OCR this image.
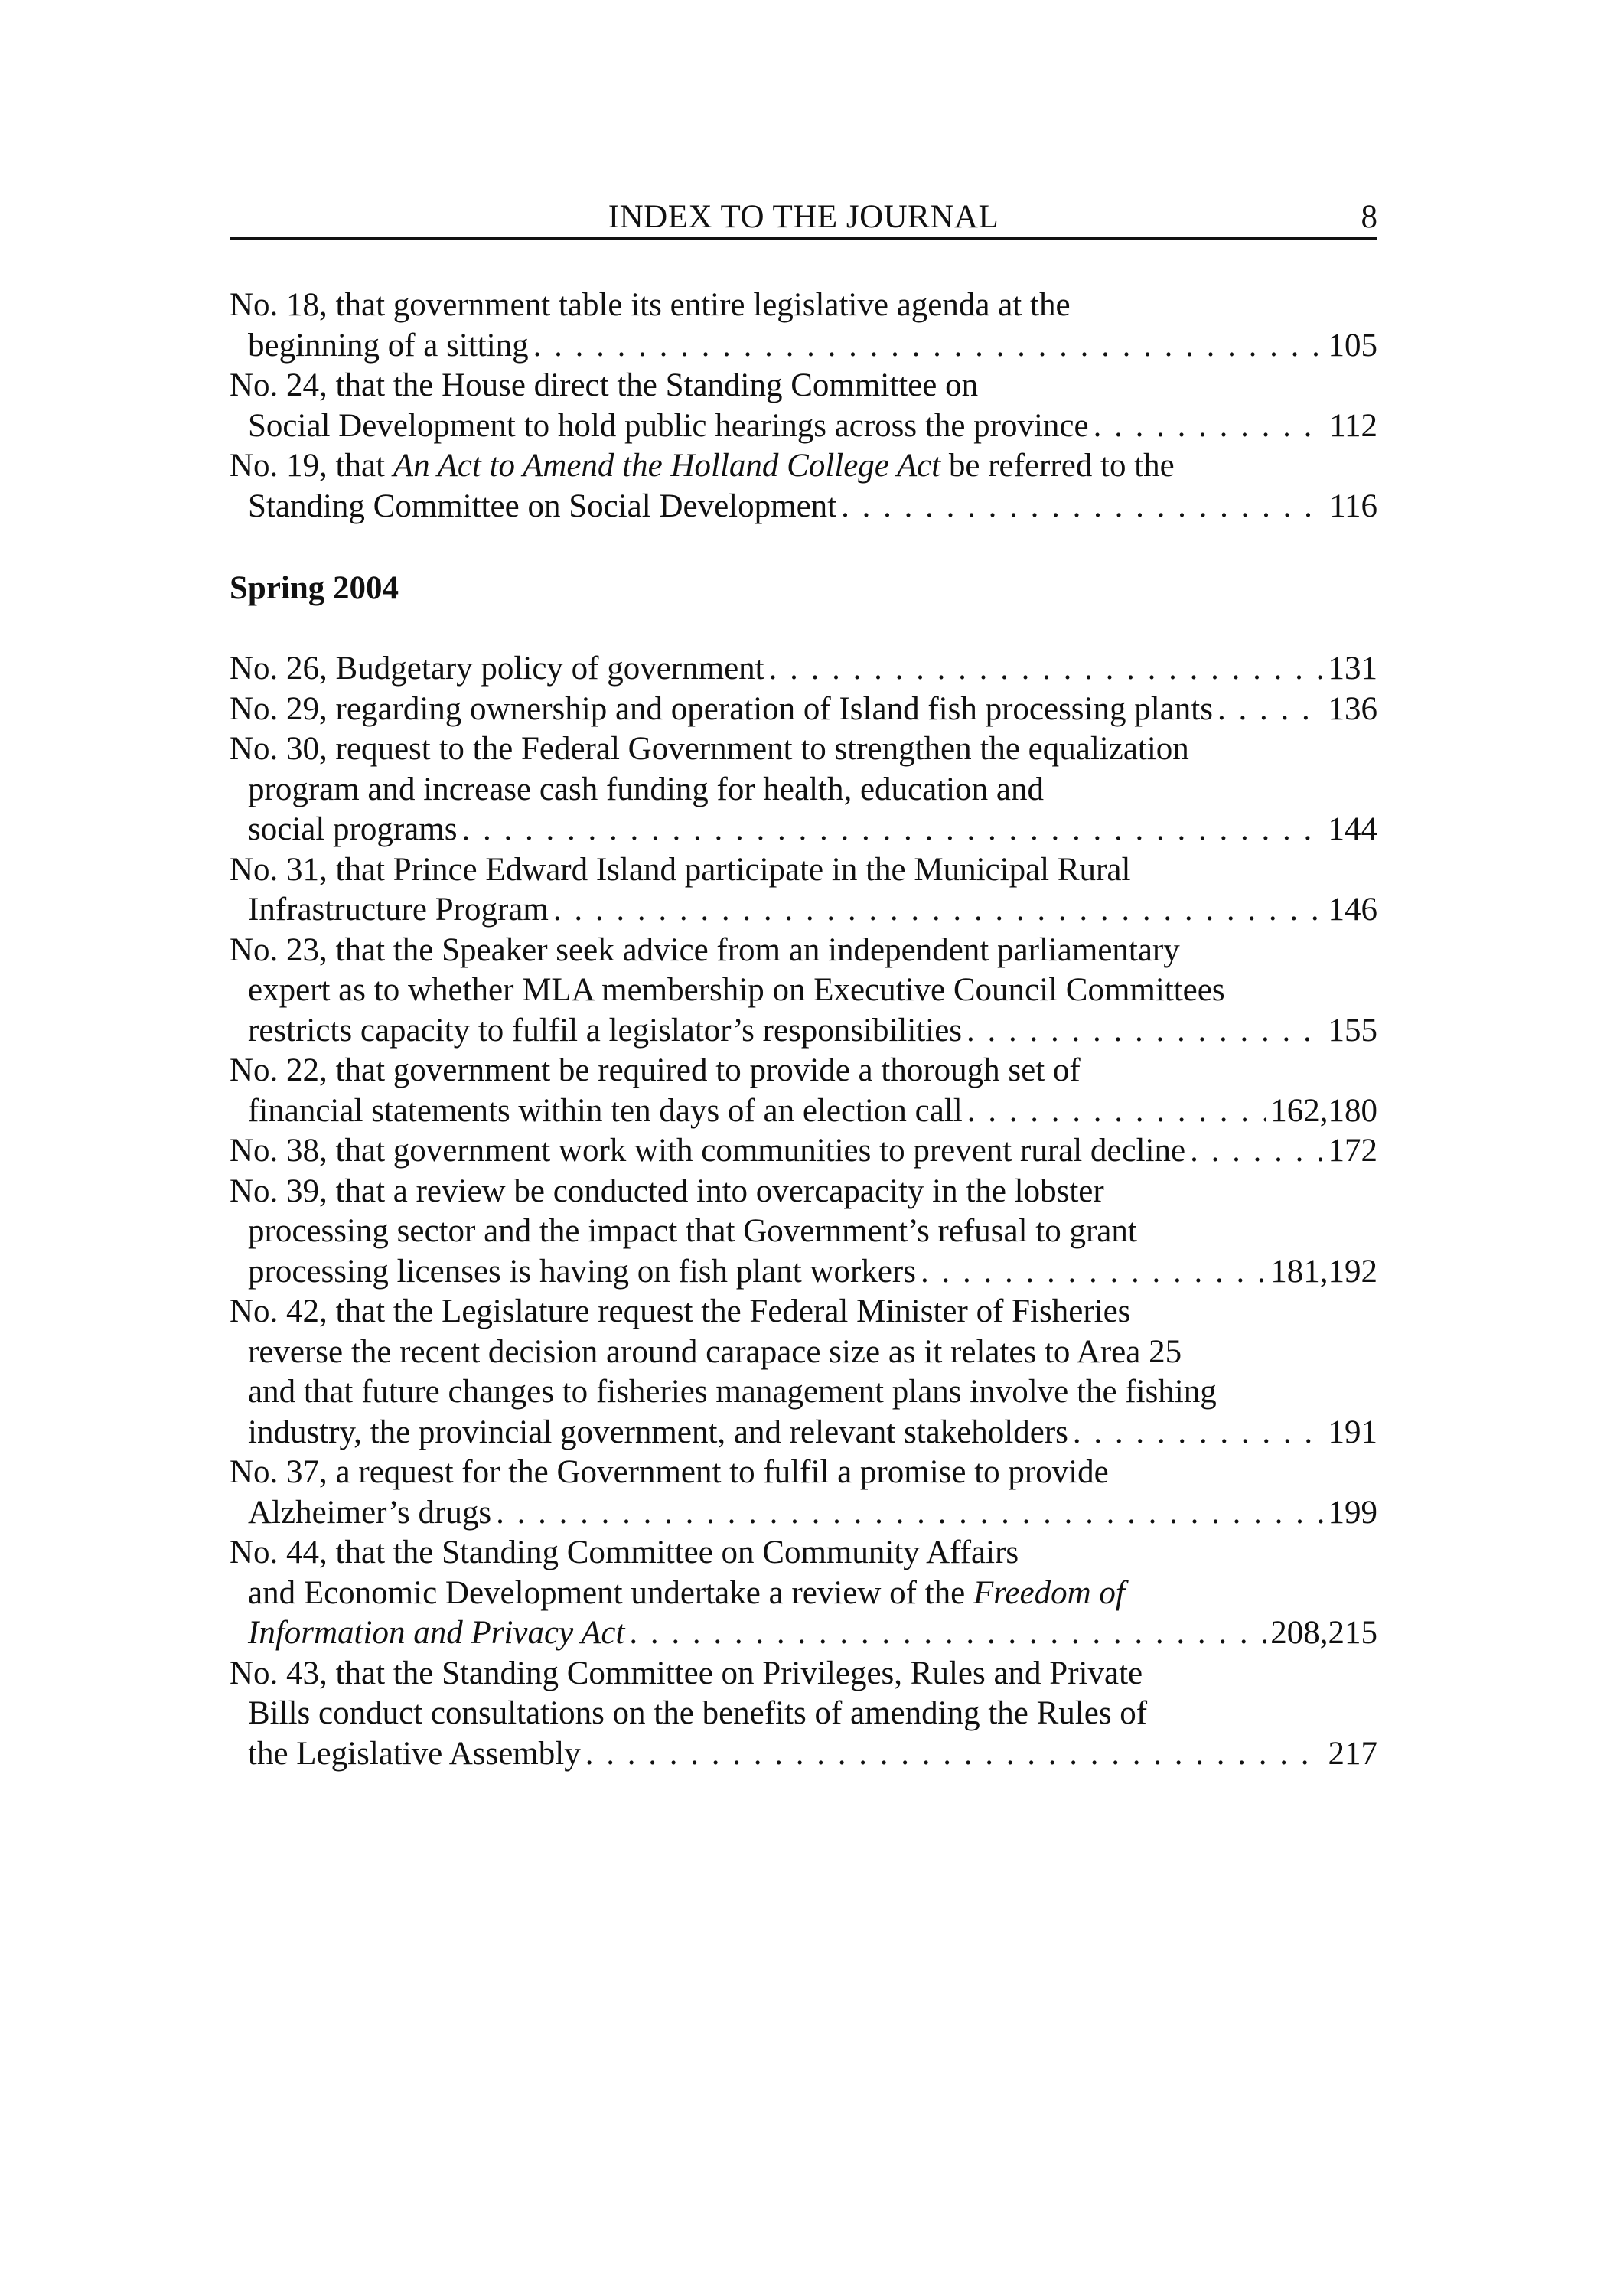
INDEX TO THE JOURNAL	8
No. 18, that government table its entire legislative agenda at the
beginning of a sitting . . .	105
No. 24, that the House direct the Standing Committee on
Social Development to hold public hearings across the province . . .	112
No. 19, that An Act to Amend the Holland College Act be referred to the
Standing Committee on Social Development . . .	116
Spring 2004
No. 26, Budgetary policy of government . . .	131
No. 29, regarding ownership and operation of Island fish processing plants . . .	136
No. 30, request to the Federal Government to strengthen the equalization
program and increase cash funding for health, education and
social programs . . .	144
No. 31, that Prince Edward Island participate in the Municipal Rural
Infrastructure Program . . .	146
No. 23, that the Speaker seek advice from an independent parliamentary
expert as to whether MLA membership on Executive Council Committees
restricts capacity to fulfil a legislator’s responsibilities . . .	155
No. 22, that government be required to provide a thorough set of
financial statements within ten days of an election call . . .	162,180
No. 38, that government work with communities to prevent rural decline . . .	172
No. 39, that a review be conducted into overcapacity in the lobster
processing sector and the impact that Government’s refusal to grant
processing licenses is having on fish plant workers . . .	181,192
No. 42, that the Legislature request the Federal Minister of Fisheries
reverse the recent decision around carapace size as it relates to Area 25
and that future changes to fisheries management plans involve the fishing
industry, the provincial government, and relevant stakeholders . . .	191
No. 37, a request for the Government to fulfil a promise to provide
Alzheimer’s drugs . . .	199
No. 44, that the Standing Committee on Community Affairs
and Economic Development undertake a review of the Freedom of
Information and Privacy Act . . .	208,215
No. 43, that the Standing Committee on Privileges, Rules and Private
Bills conduct consultations on the benefits of amending the Rules of
the Legislative Assembly . . .	217
